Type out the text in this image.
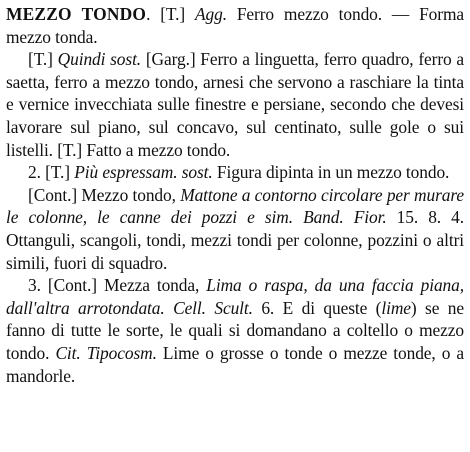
MEZZO TONDO. [T.] Agg. Ferro mezzo tondo. — Forma mezzo tonda.

[T.] Quindi sost. [Garg.] Ferro a linguetta, ferro quadro, ferro a saetta, ferro a mezzo tondo, arnesi che servono a raschiare la tinta e vernice invecchiata sulle finestre e persiane, secondo che devesi lavorare sul piano, sul concavo, sul centinato, sulle gole o sui listelli. [T.] Fatto a mezzo tondo.

2. [T.] Più espressam. sost. Figura dipinta in un mezzo tondo.

[Cont.] Mezzo tondo, Mattone a contorno circolare per murare le colonne, le canne dei pozzi e sim. Band. Fior. 15. 8. 4. Ottanguli, scangoli, tondi, mezzi tondi per colonne, pozzini o altri simili, fuori di squadro.

3. [Cont.] Mezza tonda, Lima o raspa, da una faccia piana, dall'altra arrotondata. Cell. Scult. 6. E di queste (lime) se ne fanno di tutte le sorte, le quali si domandano a coltello o mezzo tondo. Cit. Tipocosm. Lime o grosse o tonde o mezze tonde, o a mandorle.
